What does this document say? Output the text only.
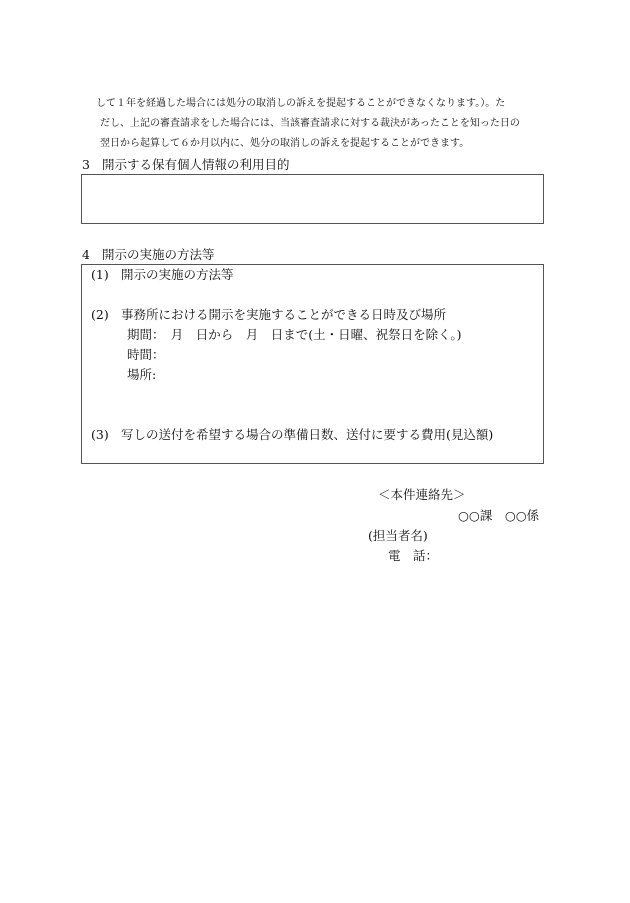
して１年を経過した場合には処分の取消しの訴えを提起することができなくなります。）。た
だし、上記の審査請求をした場合には、当該審査請求に対する裁決があったことを知った日の
翌日から起算して６か月以内に、処分の取消しの訴えを提起することができます。
3 開示する保有個人情報の利用目的
4 開示の実施の方法等
(1) 開示の実施の方法等
(2) 事務所における開示を実施することができる日時及び場所
期間：　月　日から　月　日まで(土・日曜、祝祭日を除く。)
時間：
場所:
(3) 写しの送付を希望する場合の準備日数、送付に要する費用(見込額)
＜本件連絡先＞
○○課　○○係
(担当者名)
電　話：
